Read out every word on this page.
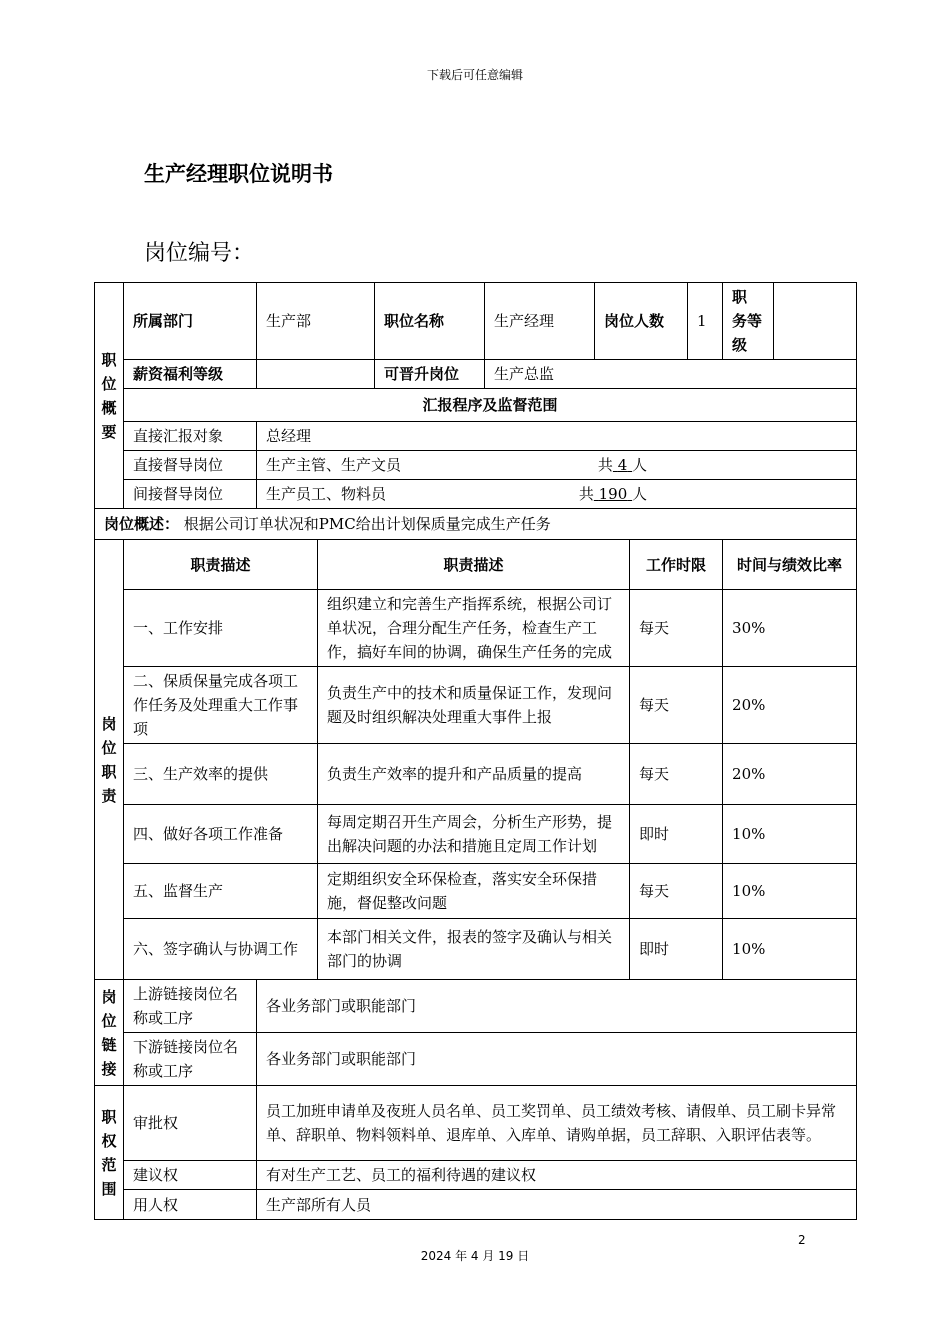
下载后可任意编辑
生产经理职位说明书
岗位编号：
职
位
概
要	所属部门	生产部		职位名称	生产经理	岗位人数		1	职 务等级	
	薪资福利等级			可晋升岗位	生产总监					
	汇报程序及监督范围									
	直接汇报对象	总经理								
	直接督导岗位	生产主管、生产文员 共 4 人								

	间接督导岗位	生产员工、物料员 共 190 人								

岗位概述： 根据公司订单状况和PMC给出计划保质量完成生产任务										

岗
位
职
责	职责描述		职责描述				工作时限		时间与绩效比率	
	一、工作安排		组织建立和完善生产指挥系统，根据公司订单状况，合理分配生产任务，检查生产工作，搞好车间的协调，确保生产任务的完成				每天		30%	
	二、保质保量完成各项工作任务及处理重大工作事项		负责生产中的技术和质量保证工作，发现问题及时组织解决处理重大事件上报				每天		20%	
	三、生产效率的提供		负责生产效率的提升和产品质量的提高				每天		20%	
	四、做好各项工作准备		每周定期召开生产周会，分析生产形势，提出解决问题的办法和措施且定周工作计划				即时		10%	
	五、监督生产		定期组织安全环保检查，落实安全环保措施，督促整改问题				每天		10%	
	六、签字确认与协调工作		本部门相关文件，报表的签字及确认与相关部门的协调				即时		10%	

岗
位
链
接	上游链接岗位名称或工序	各业务部门或职能部门								
	下游链接岗位名称或工序	各业务部门或职能部门								

职
权
范
围	审批权	员工加班申请单及夜班人员名单、员工奖罚单、员工绩效考核、请假单、员工刷卡异常单、辞职单、物料领料单、退库单、入库单、请购单据，员工辞职、入职评估表等。								
	建议权	有对生产工艺、员工的福利待遇的建议权								
	用人权	生产部所有人员								
2
2024 年 4 月 19 日
